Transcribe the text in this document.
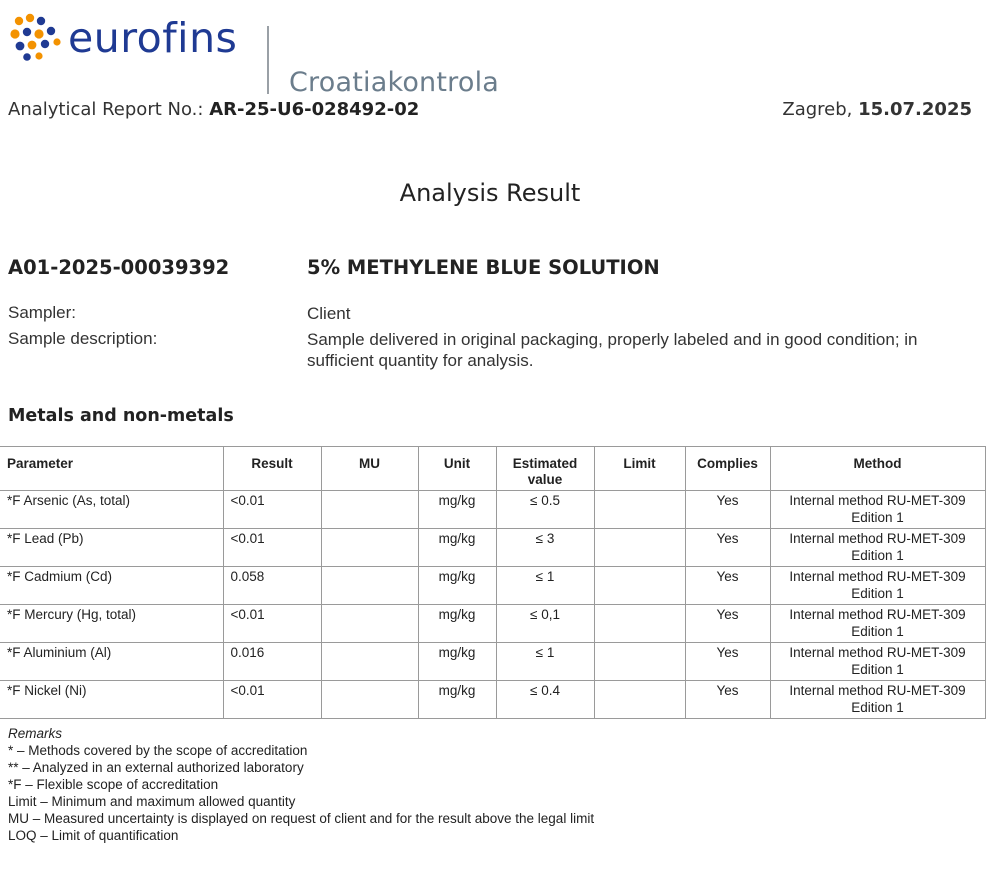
eurofins
Croatiakontrola
Analytical Report No.: AR-25-U6-028492-02	Zagreb, 15.07.2025
Analysis Result
A01-2025-00039392	5% METHYLENE BLUE SOLUTION
Sampler:	Client
Sample description:	Sample delivered in original packaging, properly labeled and in good condition; in sufficient quantity for analysis.
Metals and non-metals
Parameter	Result	MU	Unit	Estimated value	Limit	Complies	Method
*F Arsenic (As, total)	<0.01		mg/kg	≤ 0.5		Yes	Internal method RU-MET-309 Edition 1
*F Lead (Pb)	<0.01		mg/kg	≤ 3		Yes	Internal method RU-MET-309 Edition 1
*F Cadmium (Cd)	0.058		mg/kg	≤ 1		Yes	Internal method RU-MET-309 Edition 1
*F Mercury (Hg, total)	<0.01		mg/kg	≤ 0,1		Yes	Internal method RU-MET-309 Edition 1
*F Aluminium (Al)	0.016		mg/kg	≤ 1		Yes	Internal method RU-MET-309 Edition 1
*F Nickel (Ni)	<0.01		mg/kg	≤ 0.4		Yes	Internal method RU-MET-309 Edition 1
Remarks
* – Methods covered by the scope of accreditation
** – Analyzed in an external authorized laboratory
*F – Flexible scope of accreditation
Limit – Minimum and maximum allowed quantity
MU – Measured uncertainty is displayed on request of client and for the result above the legal limit
LOQ – Limit of quantification
